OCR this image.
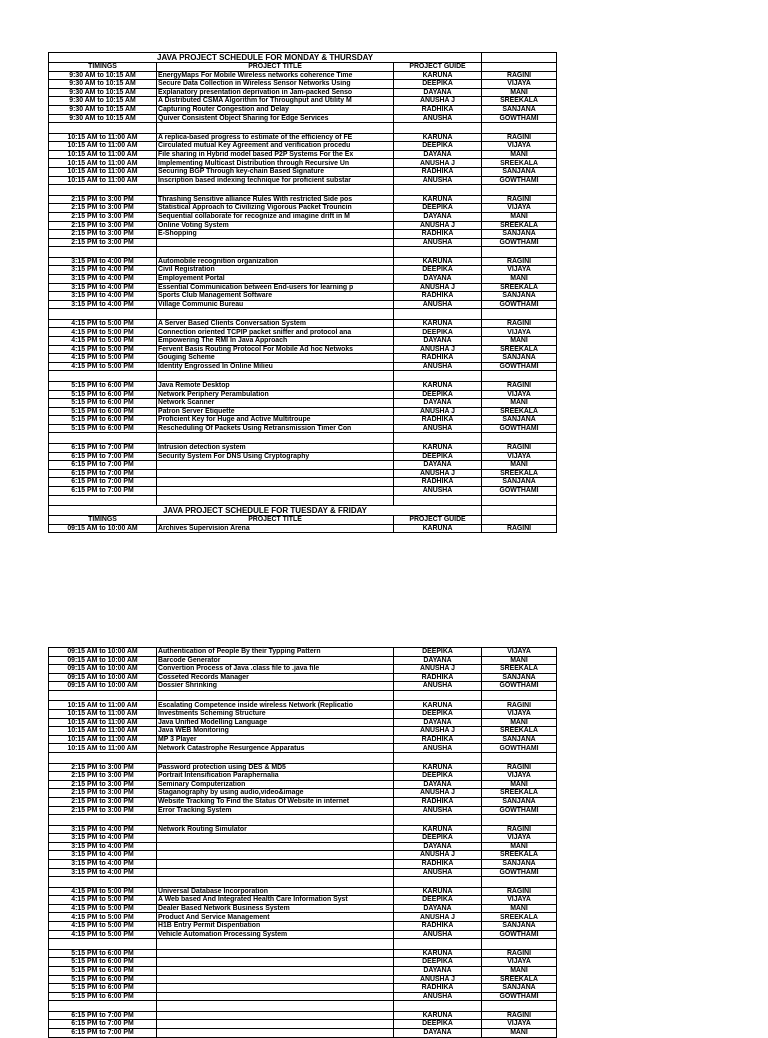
JAVA PROJECT SCHEDULE FOR MONDAY & THURSDAY			
TIMINGS	PROJECT TITLE	PROJECT GUIDE	
9:30 AM to 10:15 AM	EnergyMaps For Mobile Wireless networks coherence Time	KARUNA	RAGINI
9:30 AM to 10:15 AM	Secure Data Collection in Wireless Sensor Networks Using	DEEPIKA	VIJAYA
9:30 AM to 10:15 AM	Explanatory presentation deprivation in Jam-packed Senso	DAYANA	MANI
9:30 AM to 10:15 AM	A Distributed CSMA Algorithm for Throughput and Utility M	ANUSHA J	SREEKALA
9:30 AM to 10:15 AM	Capturing Router Congestion and Delay	RADHIKA	SANJANA
9:30 AM to 10:15 AM	Quiver Consistent Object Sharing for Edge Services	ANUSHA	GOWTHAMI

10:15 AM to 11:00 AM	A replica-based progress to estimate of the efficiency of FE	KARUNA	RAGINI
10:15 AM to 11:00 AM	Circulated mutual Key Agreement and verification procedu	DEEPIKA	VIJAYA
10:15 AM to 11:00 AM	File sharing in Hybrid model based P2P Systems For the Ex	DAYANA	MANI
10:15 AM to 11:00 AM	Implementing Multicast Distribution through Recursive Un	ANUSHA J	SREEKALA
10:15 AM to 11:00 AM	Securing BGP Through key-chain Based Signature	RADHIKA	SANJANA
10:15 AM to 11:00 AM	Inscription based indexing technique for proficient substar	ANUSHA	GOWTHAMI

2:15 PM to 3:00 PM	Thrashing Sensitive alliance Rules With restricted Side pos	KARUNA	RAGINI
2:15 PM to 3:00 PM	Statistical Approach to Civilizing Vigorous Packet Trouncin	DEEPIKA	VIJAYA
2:15 PM to 3:00 PM	Sequential collaborate for recognize and imagine drift in M	DAYANA	MANI
2:15 PM to 3:00 PM	Online Voting System	ANUSHA J	SREEKALA
2:15 PM to 3:00 PM	E-Shopping	RADHIKA	SANJANA
2:15 PM to 3:00 PM		ANUSHA	GOWTHAMI

3:15 PM to 4:00 PM	Automobile recognition organization	KARUNA	RAGINI
3:15 PM to 4:00 PM	Civil Registration	DEEPIKA	VIJAYA
3:15 PM to 4:00 PM	Employement Portal	DAYANA	MANI
3:15 PM to 4:00 PM	Essential Communication between End-users for learning p	ANUSHA J	SREEKALA
3:15 PM to 4:00 PM	Sports Club Management Software	RADHIKA	SANJANA
3:15 PM to 4:00 PM	Village Communic Bureau	ANUSHA	GOWTHAMI

4:15 PM to 5:00 PM	A Server Based Clients Conversation System	KARUNA	RAGINI
4:15 PM to 5:00 PM	Connection oriented TCPIP packet sniffer and protocol ana	DEEPIKA	VIJAYA
4:15 PM to 5:00 PM	Empowering The RMI In Java Approach	DAYANA	MANI
4:15 PM to 5:00 PM	Fervent Basis Routing Protocol For Mobile Ad hoc Netwoks	ANUSHA J	SREEKALA
4:15 PM to 5:00 PM	Gouging Scheme	RADHIKA	SANJANA
4:15 PM to 5:00 PM	Identity Engrossed In Online Milieu	ANUSHA	GOWTHAMI

5:15 PM to 6:00 PM	Java Remote Desktop	KARUNA	RAGINI
5:15 PM to 6:00 PM	Network Periphery Perambulation	DEEPIKA	VIJAYA
5:15 PM to 6:00 PM	Network Scanner	DAYANA	MANI
5:15 PM to 6:00 PM	Patron Server Etiquette	ANUSHA J	SREEKALA
5:15 PM to 6:00 PM	Proficient Key for Huge and Active Multitroupe	RADHIKA	SANJANA
5:15 PM to 6:00 PM	Rescheduling Of Packets Using Retransmission Timer Con	ANUSHA	GOWTHAMI

6:15 PM to 7:00 PM	Intrusion detection system	KARUNA	RAGINI
6:15 PM to 7:00 PM	Security System For DNS Using Cryptography	DEEPIKA	VIJAYA
6:15 PM to 7:00 PM		DAYANA	MANI
6:15 PM to 7:00 PM		ANUSHA J	SREEKALA
6:15 PM to 7:00 PM		RADHIKA	SANJANA
6:15 PM to 7:00 PM		ANUSHA	GOWTHAMI

JAVA PROJECT SCHEDULE FOR TUESDAY & FRIDAY			
TIMINGS	PROJECT TITLE	PROJECT GUIDE	
09:15 AM to 10:00 AM	Archives Supervision Arena	KARUNA	RAGINI
09:15 AM to 10:00 AM	Authentication of People By their Typping Pattern	DEEPIKA	VIJAYA
09:15 AM to 10:00 AM	Barcode Generator	DAYANA	MANI
09:15 AM to 10:00 AM	Convertion Process of Java .class file to .java file	ANUSHA J	SREEKALA
09:15 AM to 10:00 AM	Cosseted Records Manager	RADHIKA	SANJANA
09:15 AM to 10:00 AM	Dossier Shrinking	ANUSHA	GOWTHAMI

10:15 AM to 11:00 AM	Escalating Competence inside wireless Network (Replicatio	KARUNA	RAGINI
10:15 AM to 11:00 AM	Investments Scheming Structure	DEEPIKA	VIJAYA
10:15 AM to 11:00 AM	Java Unified Modelling Language	DAYANA	MANI
10:15 AM to 11:00 AM	Java WEB Monitoring	ANUSHA J	SREEKALA
10:15 AM to 11:00 AM	MP 3 Player	RADHIKA	SANJANA
10:15 AM to 11:00 AM	Network Catastrophe Resurgence Apparatus	ANUSHA	GOWTHAMI

2:15 PM to 3:00 PM	Password protection using DES & MD5	KARUNA	RAGINI
2:15 PM to 3:00 PM	Portrait Intensification Paraphernalia	DEEPIKA	VIJAYA
2:15 PM to 3:00 PM	Seminary Computerization	DAYANA	MANI
2:15 PM to 3:00 PM	Staganography by using audio,video&image	ANUSHA J	SREEKALA
2:15 PM to 3:00 PM	Website Tracking To Find the Status Of Website in internet	RADHIKA	SANJANA
2:15 PM to 3:00 PM	Error Tracking System	ANUSHA	GOWTHAMI

3:15 PM to 4:00 PM	Network Routing Simulator	KARUNA	RAGINI
3:15 PM to 4:00 PM		DEEPIKA	VIJAYA
3:15 PM to 4:00 PM		DAYANA	MANI
3:15 PM to 4:00 PM		ANUSHA J	SREEKALA
3:15 PM to 4:00 PM		RADHIKA	SANJANA
3:15 PM to 4:00 PM		ANUSHA	GOWTHAMI

4:15 PM to 5:00 PM	Universal Database Incorporation	KARUNA	RAGINI
4:15 PM to 5:00 PM	A Web based And Integrated Health Care Information Syst	DEEPIKA	VIJAYA
4:15 PM to 5:00 PM	Dealer Based Network Business System	DAYANA	MANI
4:15 PM to 5:00 PM	Product And Service Management	ANUSHA J	SREEKALA
4:15 PM to 5:00 PM	H1B Entry Permit Dispentiation	RADHIKA	SANJANA
4:15 PM to 5:00 PM	Vehicle Automation Processing System	ANUSHA	GOWTHAMI

5:15 PM to 6:00 PM		KARUNA	RAGINI
5:15 PM to 6:00 PM		DEEPIKA	VIJAYA
5:15 PM to 6:00 PM		DAYANA	MANI
5:15 PM to 6:00 PM		ANUSHA J	SREEKALA
5:15 PM to 6:00 PM		RADHIKA	SANJANA
5:15 PM to 6:00 PM		ANUSHA	GOWTHAMI

6:15 PM to 7:00 PM		KARUNA	RAGINI
6:15 PM to 7:00 PM		DEEPIKA	VIJAYA
6:15 PM to 7:00 PM		DAYANA	MANI
